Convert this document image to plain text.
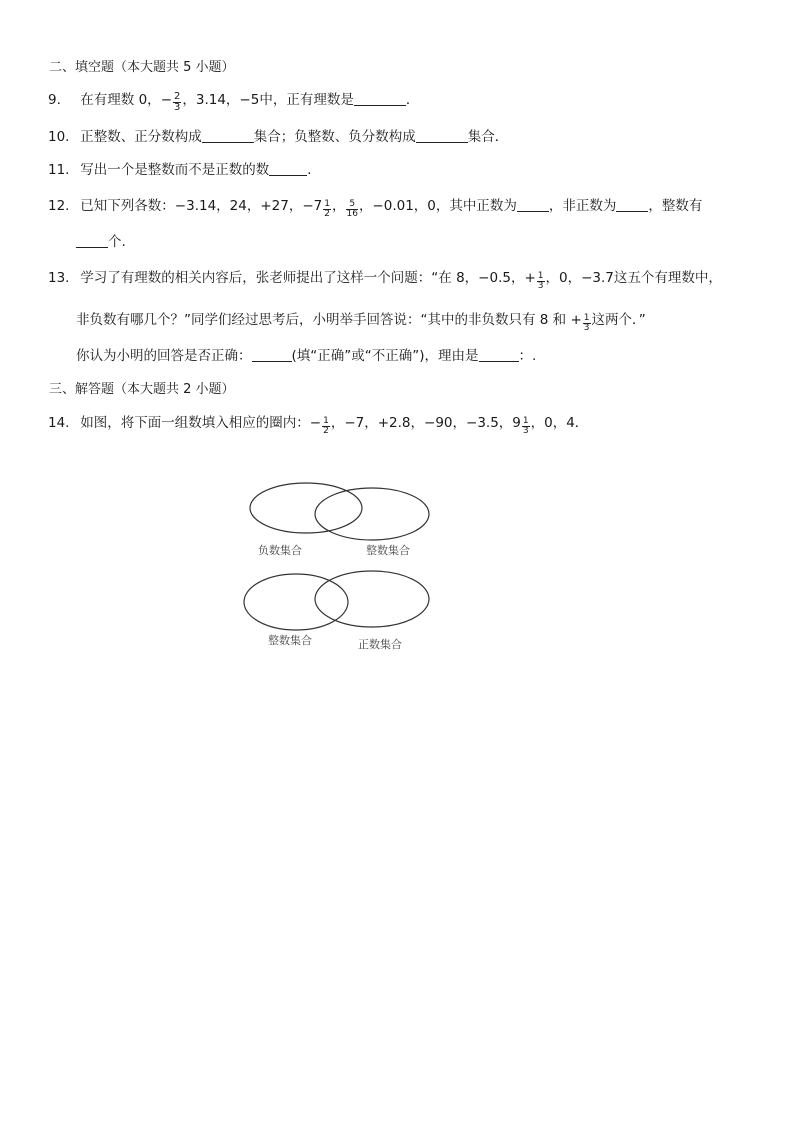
二、填空题（本大题共 5 小题）
9. 在有理数 0，− $\frac{2}{3}$ ，3.14，−5中，正有理数是	．
10. 正整数、正分数构成	集合；负整数、负分数构成	集合．
11. 写出一个是整数而不是正数的数	．
12. 已知下列各数：−3.14，24，+27，$-7 \frac{1}{2}$ ， $\frac{5}{16}$ ，−0.01，0，其中正数为 ，非正数为 ，整数有
个.
13. 学习了有理数的相关内容后，张老师提出了这样一个问题：“在 8，−0.5，+ $\frac{1}{3}$ ，0，−3.7这五个有理数中，
非负数有哪几个？”同学们经过思考后，小明举手回答说：“其中的非负数只有 8 和 + $\frac{1}{3}$ 这两个．”
你认为小明的回答是否正确：	(填“正确”或“不正确”)，理由是	：.
三、解答题（本大题共 2 小题）
14. 如图，将下面一组数填入相应的圈内：− $\frac{1}{2}$ ，−7，+2.8，−90，−3.5，$9 \frac{1}{3}$ ，0，4．
负数集合	整数集合
整数集合	正数集合
